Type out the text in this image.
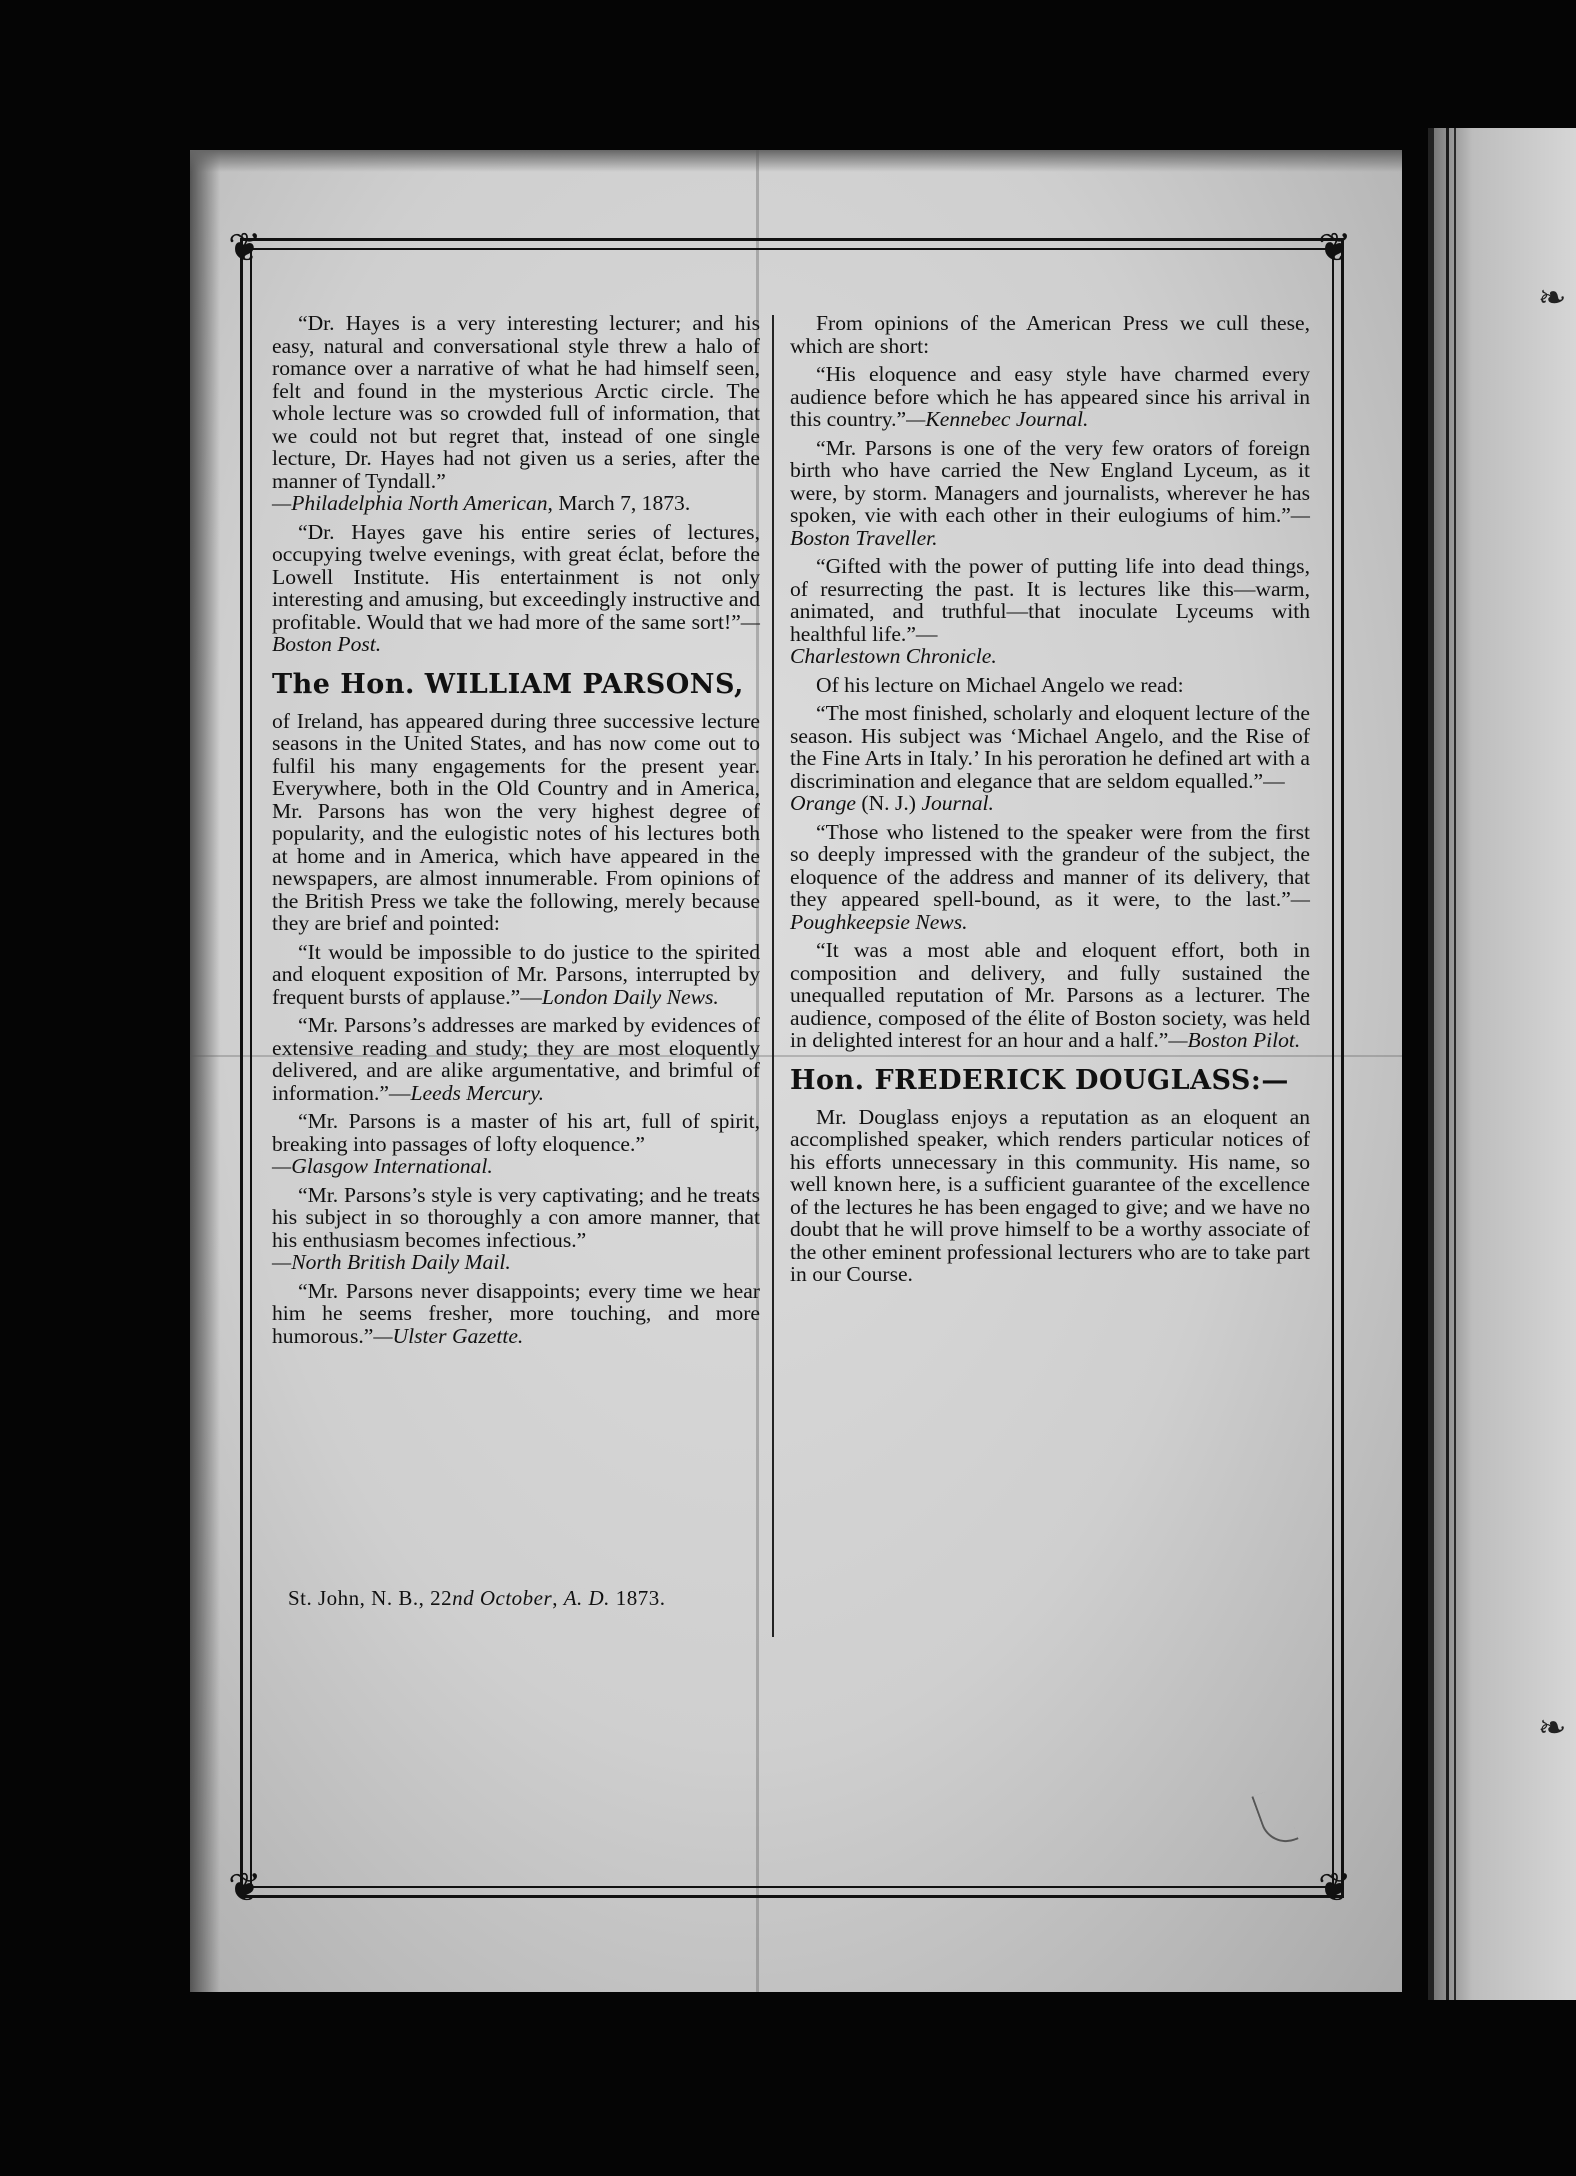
❧
❧
❦	❦
❦	❦

“Dr. Hayes is a very interesting lecturer; and his easy, natural and conversational style threw a halo of romance over a narrative of what he had himself seen, felt and found in the mysterious Arctic circle. The whole lecture was so crowded full of information, that we could not but regret that, instead of one single lecture, Dr. Hayes had not given us a series, after the manner of Tyndall.”
—Philadelphia North American, March 7, 1873.

“Dr. Hayes gave his entire series of lectures, occupying twelve evenings, with great éclat, before the Lowell Institute. His entertainment is not only interesting and amusing, but exceedingly instructive and profitable. Would that we had more of the same sort!”—Boston Post.

The Hon. WILLIAM PARSONS,

of Ireland, has appeared during three successive lecture seasons in the United States, and has now come out to fulfil his many engagements for the present year. Everywhere, both in the Old Country and in America, Mr. Parsons has won the very highest degree of popularity, and the eulogistic notes of his lectures both at home and in America, which have appeared in the newspapers, are almost innumerable. From opinions of the British Press we take the following, merely because they are brief and pointed:

“It would be impossible to do justice to the spirited and eloquent exposition of Mr. Parsons, interrupted by frequent bursts of applause.”—London Daily News.

“Mr. Parsons’s addresses are marked by evidences of extensive reading and study; they are most eloquently delivered, and are alike argumentative, and brimful of information.”—Leeds Mercury.

“Mr. Parsons is a master of his art, full of spirit, breaking into passages of lofty eloquence.”
—Glasgow International.

“Mr. Parsons’s style is very captivating; and he treats his subject in so thoroughly a con amore manner, that his enthusiasm becomes infectious.”
—North British Daily Mail.

“Mr. Parsons never disappoints; every time we hear him he seems fresher, more touching, and more humorous.”—Ulster Gazette.

From opinions of the American Press we cull these, which are short:

“His eloquence and easy style have charmed every audience before which he has appeared since his arrival in this country.”—Kennebec Journal.

“Mr. Parsons is one of the very few orators of foreign birth who have carried the New England Lyceum, as it were, by storm. Managers and journalists, wherever he has spoken, vie with each other in their eulogiums of him.”—Boston Traveller.

“Gifted with the power of putting life into dead things, of resurrecting the past. It is lectures like this—warm, animated, and truthful—that inoculate Lyceums with healthful life.”—
Charlestown Chronicle.

Of his lecture on Michael Angelo we read:

“The most finished, scholarly and eloquent lecture of the season. His subject was ‘Michael Angelo, and the Rise of the Fine Arts in Italy.’ In his peroration he defined art with a discrimination and elegance that are seldom equalled.”—
Orange (N. J.) Journal.

“Those who listened to the speaker were from the first so deeply impressed with the grandeur of the subject, the eloquence of the address and manner of its delivery, that they appeared spell-bound, as it were, to the last.”—Poughkeepsie News.

“It was a most able and eloquent effort, both in composition and delivery, and fully sustained the unequalled reputation of Mr. Parsons as a lecturer. The audience, composed of the élite of Boston society, was held in delighted interest for an hour and a half.”—Boston Pilot.

Hon. FREDERICK DOUGLASS:—

Mr. Douglass enjoys a reputation as an eloquent an accomplished speaker, which renders particular notices of his efforts unnecessary in this community. His name, so well known here, is a sufficient guarantee of the excellence of the lectures he has been engaged to give; and we have no doubt that he will prove himself to be a worthy associate of the other eminent professional lecturers who are to take part in our Course.

St. John, N. B., 22nd October, A. D. 1873.
